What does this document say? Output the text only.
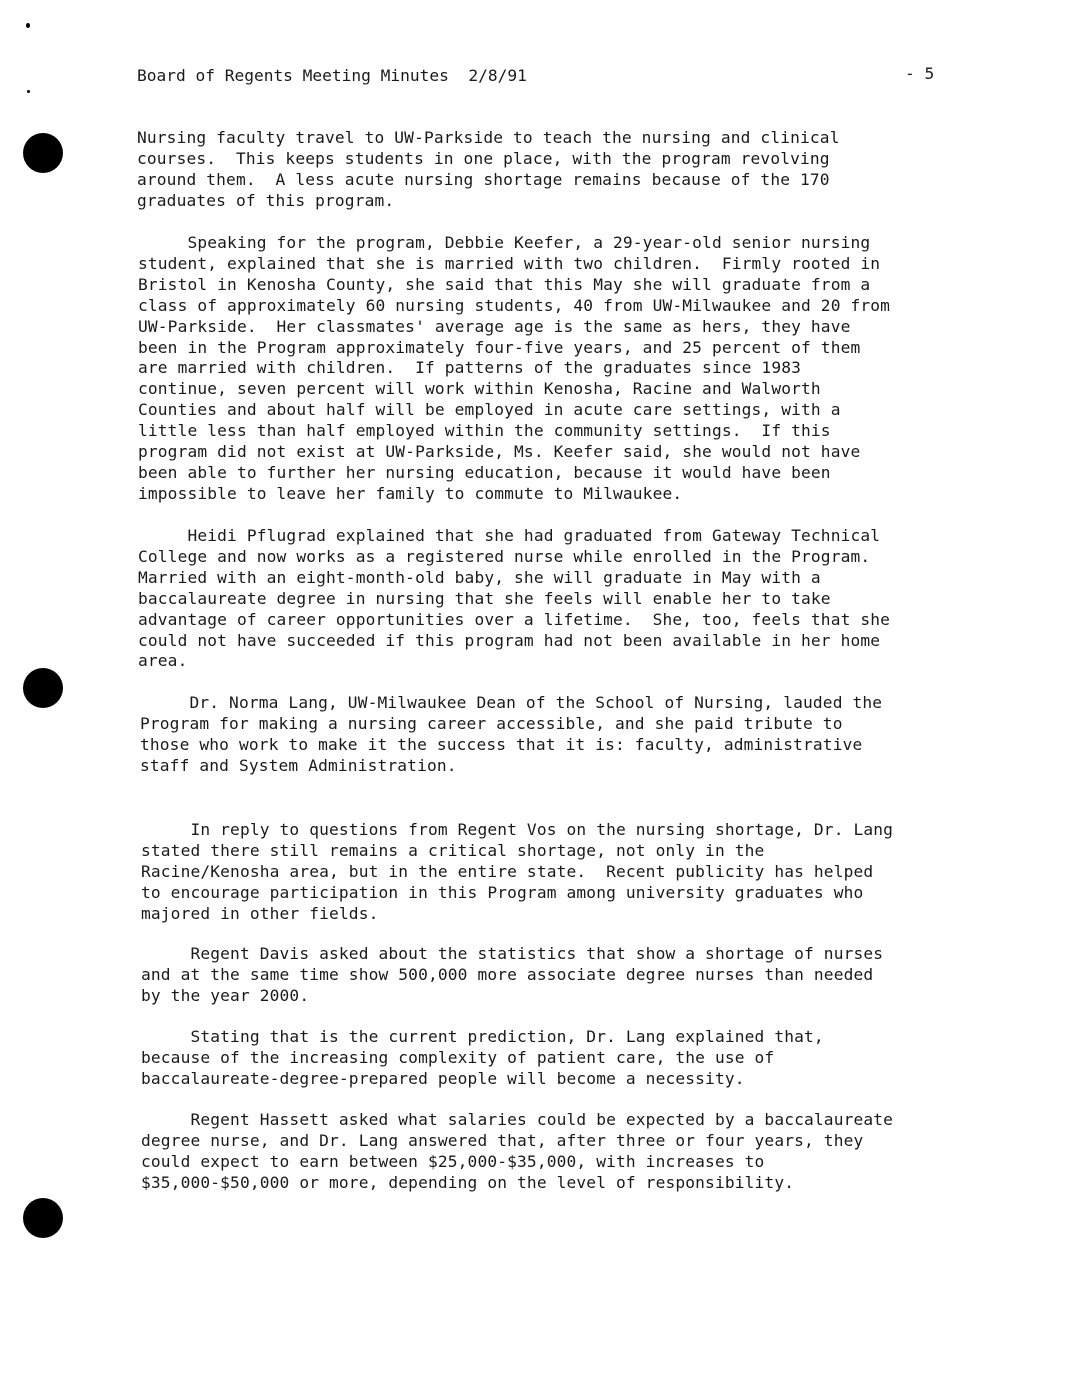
Board of Regents Meeting Minutes  2/8/91	- 5

Nursing faculty travel to UW-Parkside to teach the nursing and clinical
courses.  This keeps students in one place, with the program revolving
around them.  A less acute nursing shortage remains because of the 170
graduates of this program.

Speaking for the program, Debbie Keefer, a 29-year-old senior nursing
student, explained that she is married with two children.  Firmly rooted in
Bristol in Kenosha County, she said that this May she will graduate from a
class of approximately 60 nursing students, 40 from UW-Milwaukee and 20 from
UW-Parkside.  Her classmates' average age is the same as hers, they have
been in the Program approximately four-five years, and 25 percent of them
are married with children.  If patterns of the graduates since 1983
continue, seven percent will work within Kenosha, Racine and Walworth
Counties and about half will be employed in acute care settings, with a
little less than half employed within the community settings.  If this
program did not exist at UW-Parkside, Ms. Keefer said, she would not have
been able to further her nursing education, because it would have been
impossible to leave her family to commute to Milwaukee.

Heidi Pflugrad explained that she had graduated from Gateway Technical
College and now works as a registered nurse while enrolled in the Program.
Married with an eight-month-old baby, she will graduate in May with a
baccalaureate degree in nursing that she feels will enable her to take
advantage of career opportunities over a lifetime.  She, too, feels that she
could not have succeeded if this program had not been available in her home
area.

Dr. Norma Lang, UW-Milwaukee Dean of the School of Nursing, lauded the
Program for making a nursing career accessible, and she paid tribute to
those who work to make it the success that it is: faculty, administrative
staff and System Administration.

In reply to questions from Regent Vos on the nursing shortage, Dr. Lang
stated there still remains a critical shortage, not only in the
Racine/Kenosha area, but in the entire state.  Recent publicity has helped
to encourage participation in this Program among university graduates who
majored in other fields.

Regent Davis asked about the statistics that show a shortage of nurses
and at the same time show 500,000 more associate degree nurses than needed
by the year 2000.

Stating that is the current prediction, Dr. Lang explained that,
because of the increasing complexity of patient care, the use of
baccalaureate-degree-prepared people will become a necessity.

Regent Hassett asked what salaries could be expected by a baccalaureate
degree nurse, and Dr. Lang answered that, after three or four years, they
could expect to earn between $25,000-$35,000, with increases to
$35,000-$50,000 or more, depending on the level of responsibility.
